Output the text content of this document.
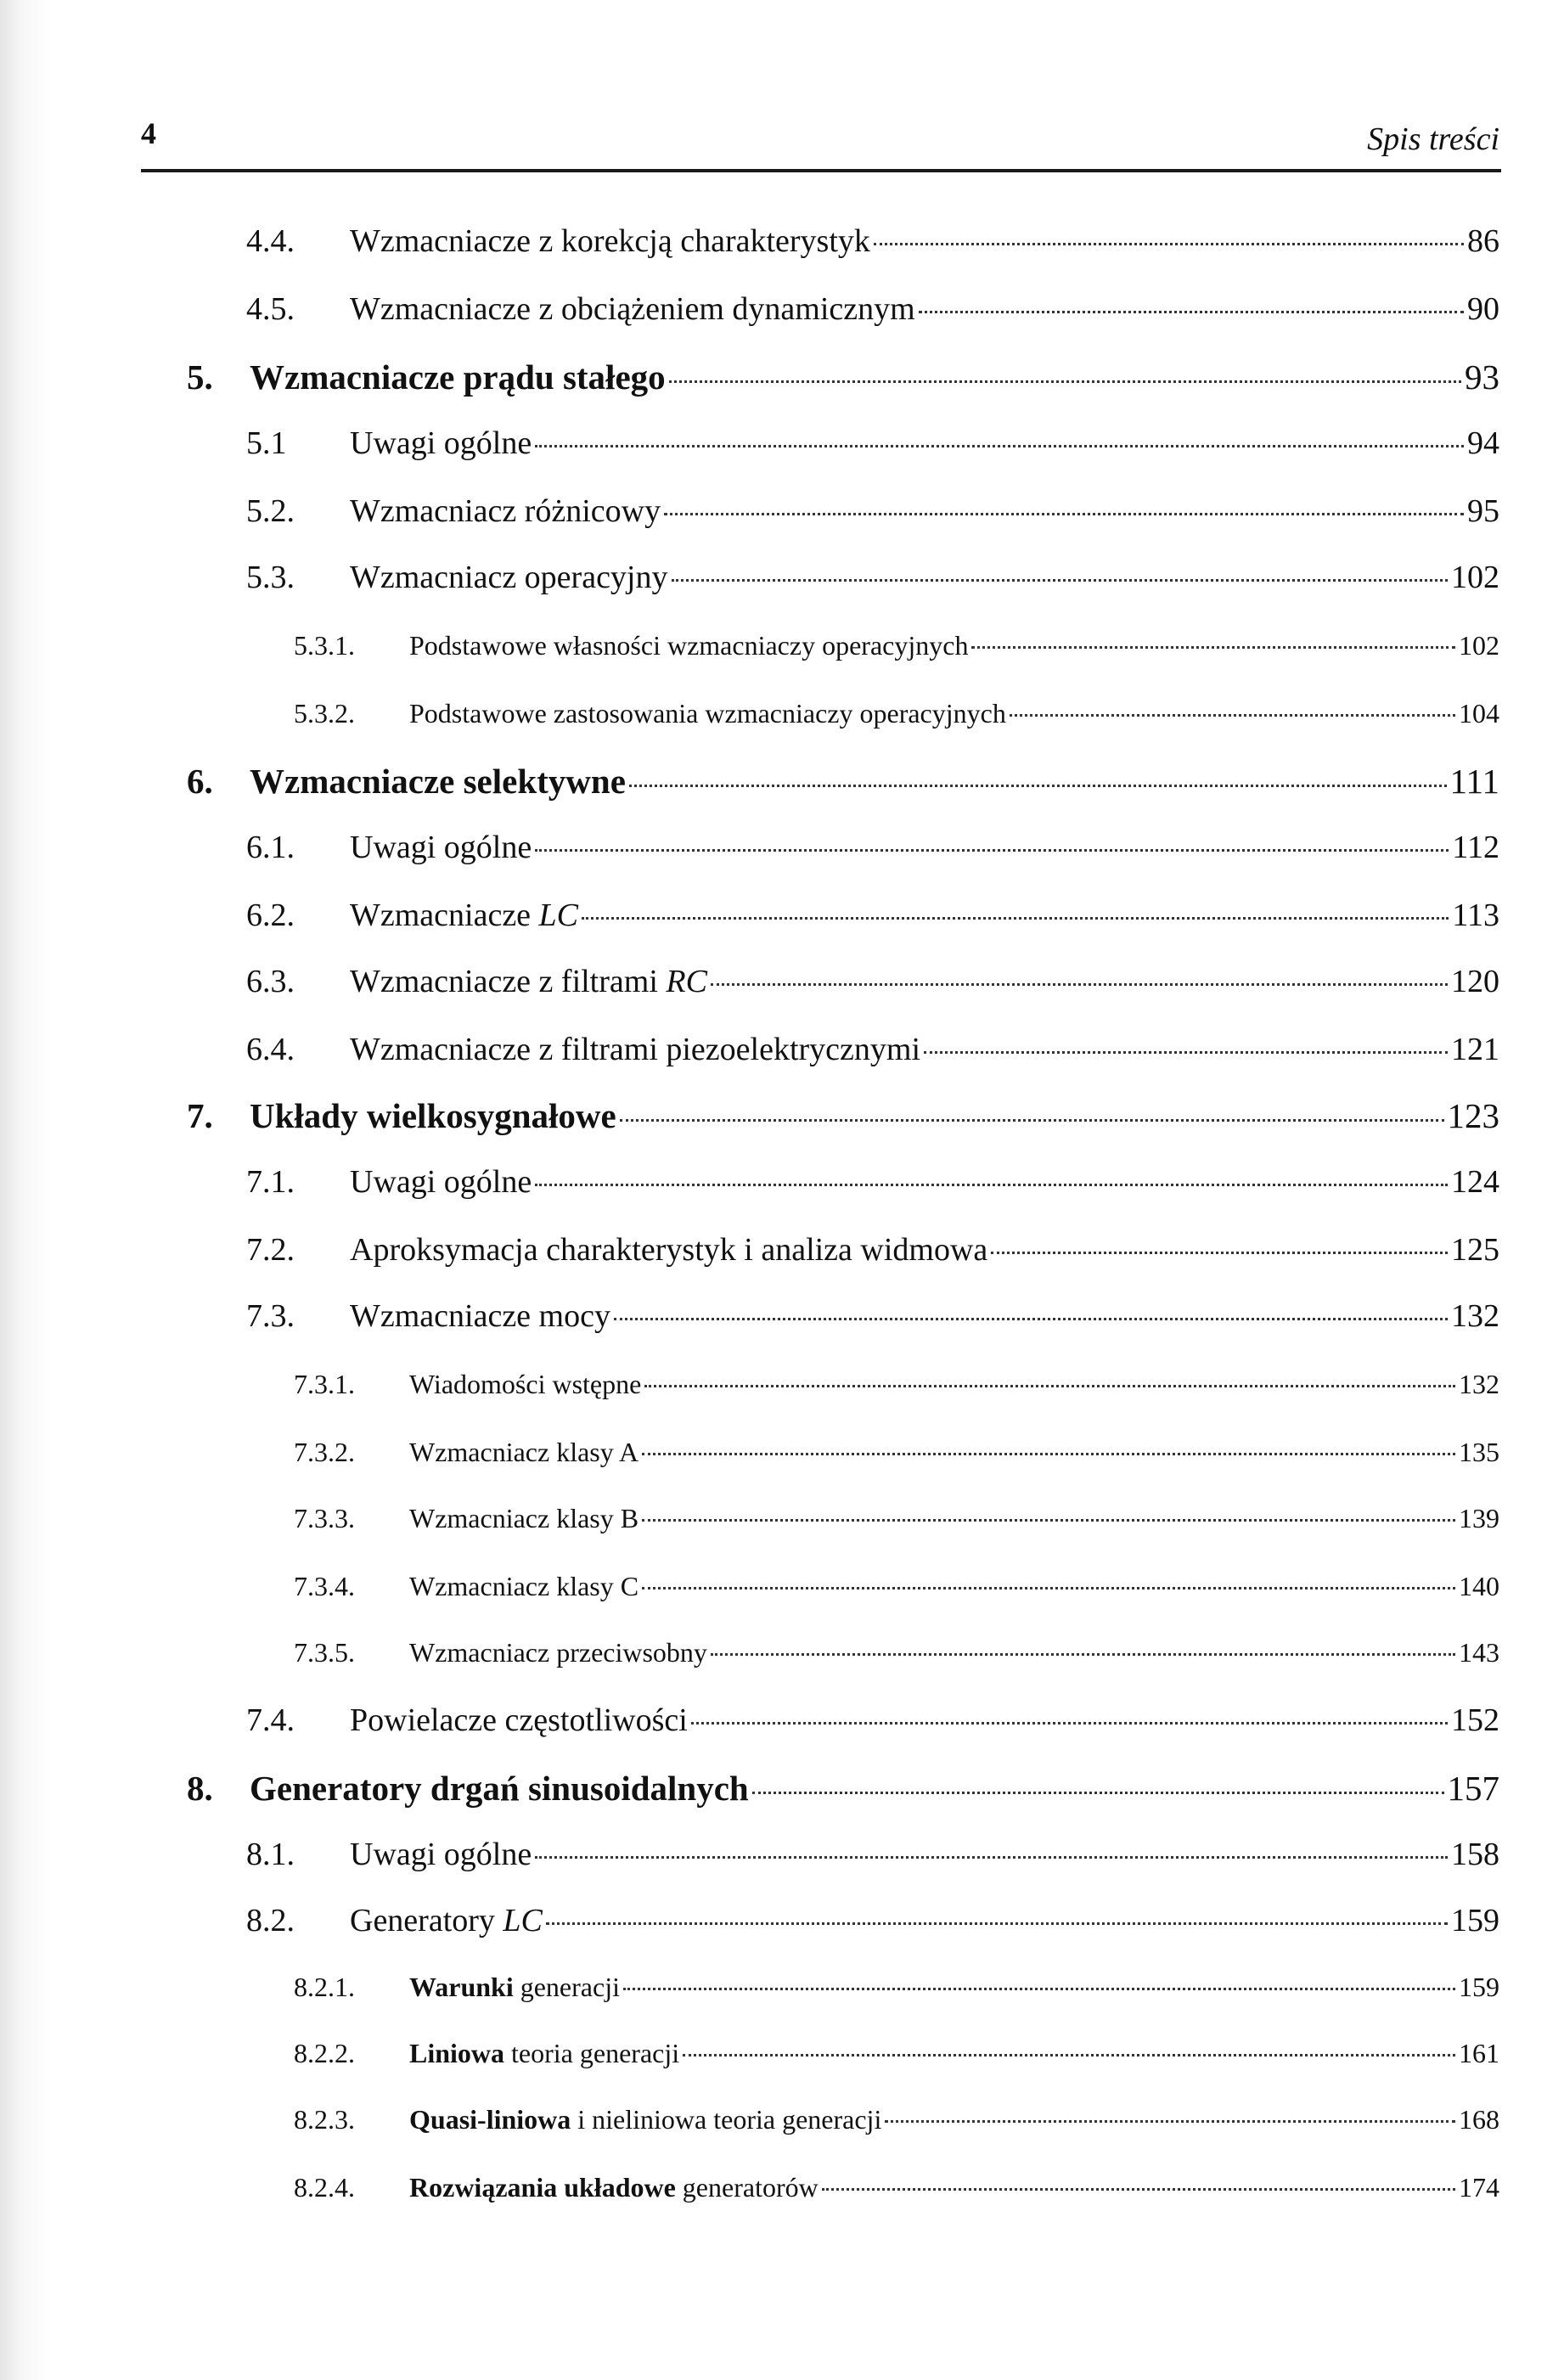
4	Spis treści
4.4.	Wzmacniacze z korekcją charakterystyk	86
4.5.	Wzmacniacze z obciążeniem dynamicznym	90
5.	Wzmacniacze prądu stałego	93
5.1	Uwagi ogólne	94
5.2.	Wzmacniacz różnicowy	95
5.3.	Wzmacniacz operacyjny	102
5.3.1.	Podstawowe własności wzmacniaczy operacyjnych	102
5.3.2.	Podstawowe zastosowania wzmacniaczy operacyjnych	104
6.	Wzmacniacze selektywne	111
6.1.	Uwagi ogólne	112
6.2.	Wzmacniacze LC	113
6.3.	Wzmacniacze z filtrami RC	120
6.4.	Wzmacniacze z filtrami piezoelektrycznymi	121
7.	Układy wielkosygnałowe	123
7.1.	Uwagi ogólne	124
7.2.	Aproksymacja charakterystyk i analiza widmowa	125
7.3.	Wzmacniacze mocy	132
7.3.1.	Wiadomości wstępne	132
7.3.2.	Wzmacniacz klasy A	135
7.3.3.	Wzmacniacz klasy B	139
7.3.4.	Wzmacniacz klasy C	140
7.3.5.	Wzmacniacz przeciwsobny	143
7.4.	Powielacze częstotliwości	152
8.	Generatory drgań sinusoidalnych	157
8.1.	Uwagi ogólne	158
8.2.	Generatory LC	159
8.2.1.	Warunki generacji	159
8.2.2.	Liniowa teoria generacji	161
8.2.3.	Quasi-liniowa i nieliniowa teoria generacji	168
8.2.4.	Rozwiązania układowe generatorów	174
